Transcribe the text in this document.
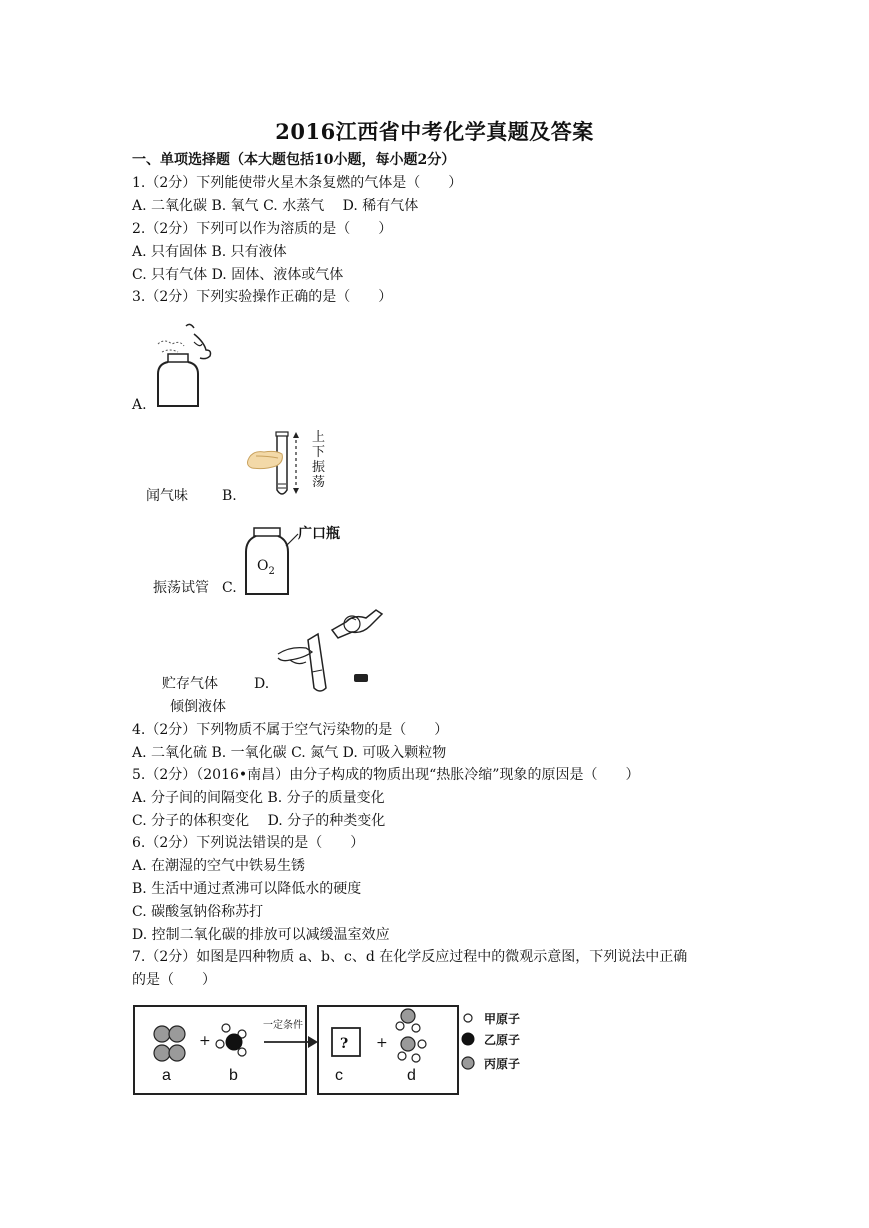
2016江西省中考化学真题及答案
一、单项选择题（本大题包括10小题，每小题2分）
1.（2分）下列能使带火星木条复燃的气体是（　　）
A. 二氧化碳 B. 氧气 C. 水蒸气　 D. 稀有气体
2.（2分）下列可以作为溶质的是（　　）
A. 只有固体 B. 只有液体
C. 只有气体 D. 固体、液体或气体
3.（2分）下列实验操作正确的是（　　）
A.
上下振荡
闻气味 B.
广口瓶
$O_2$
振荡试管 C.
贮存气体	D.
倾倒液体
4.（2分）下列物质不属于空气污染物的是（　　）
A. 二氧化硫 B. 一氧化碳 C. 氮气 D. 可吸入颗粒物
5.（2分）（2016•南昌）由分子构成的物质出现“热胀冷缩”现象的原因是（　　）
A. 分子间的间隔变化 B. 分子的质量变化
C. 分子的体积变化　 D. 分子的种类变化
6.（2分）下列说法错误的是（　　）
A. 在潮湿的空气中铁易生锈
B. 生活中通过煮沸可以降低水的硬度
C. 碳酸氢钠俗称苏打
D. 控制二氧化碳的排放可以减缓温室效应
7.（2分）如图是四种物质 a、b、c、d 在化学反应过程中的微观示意图，下列说法中正确
的是（　　）
+
一定条件
? +
a	b	c	d
甲原子
乙原子
丙原子
